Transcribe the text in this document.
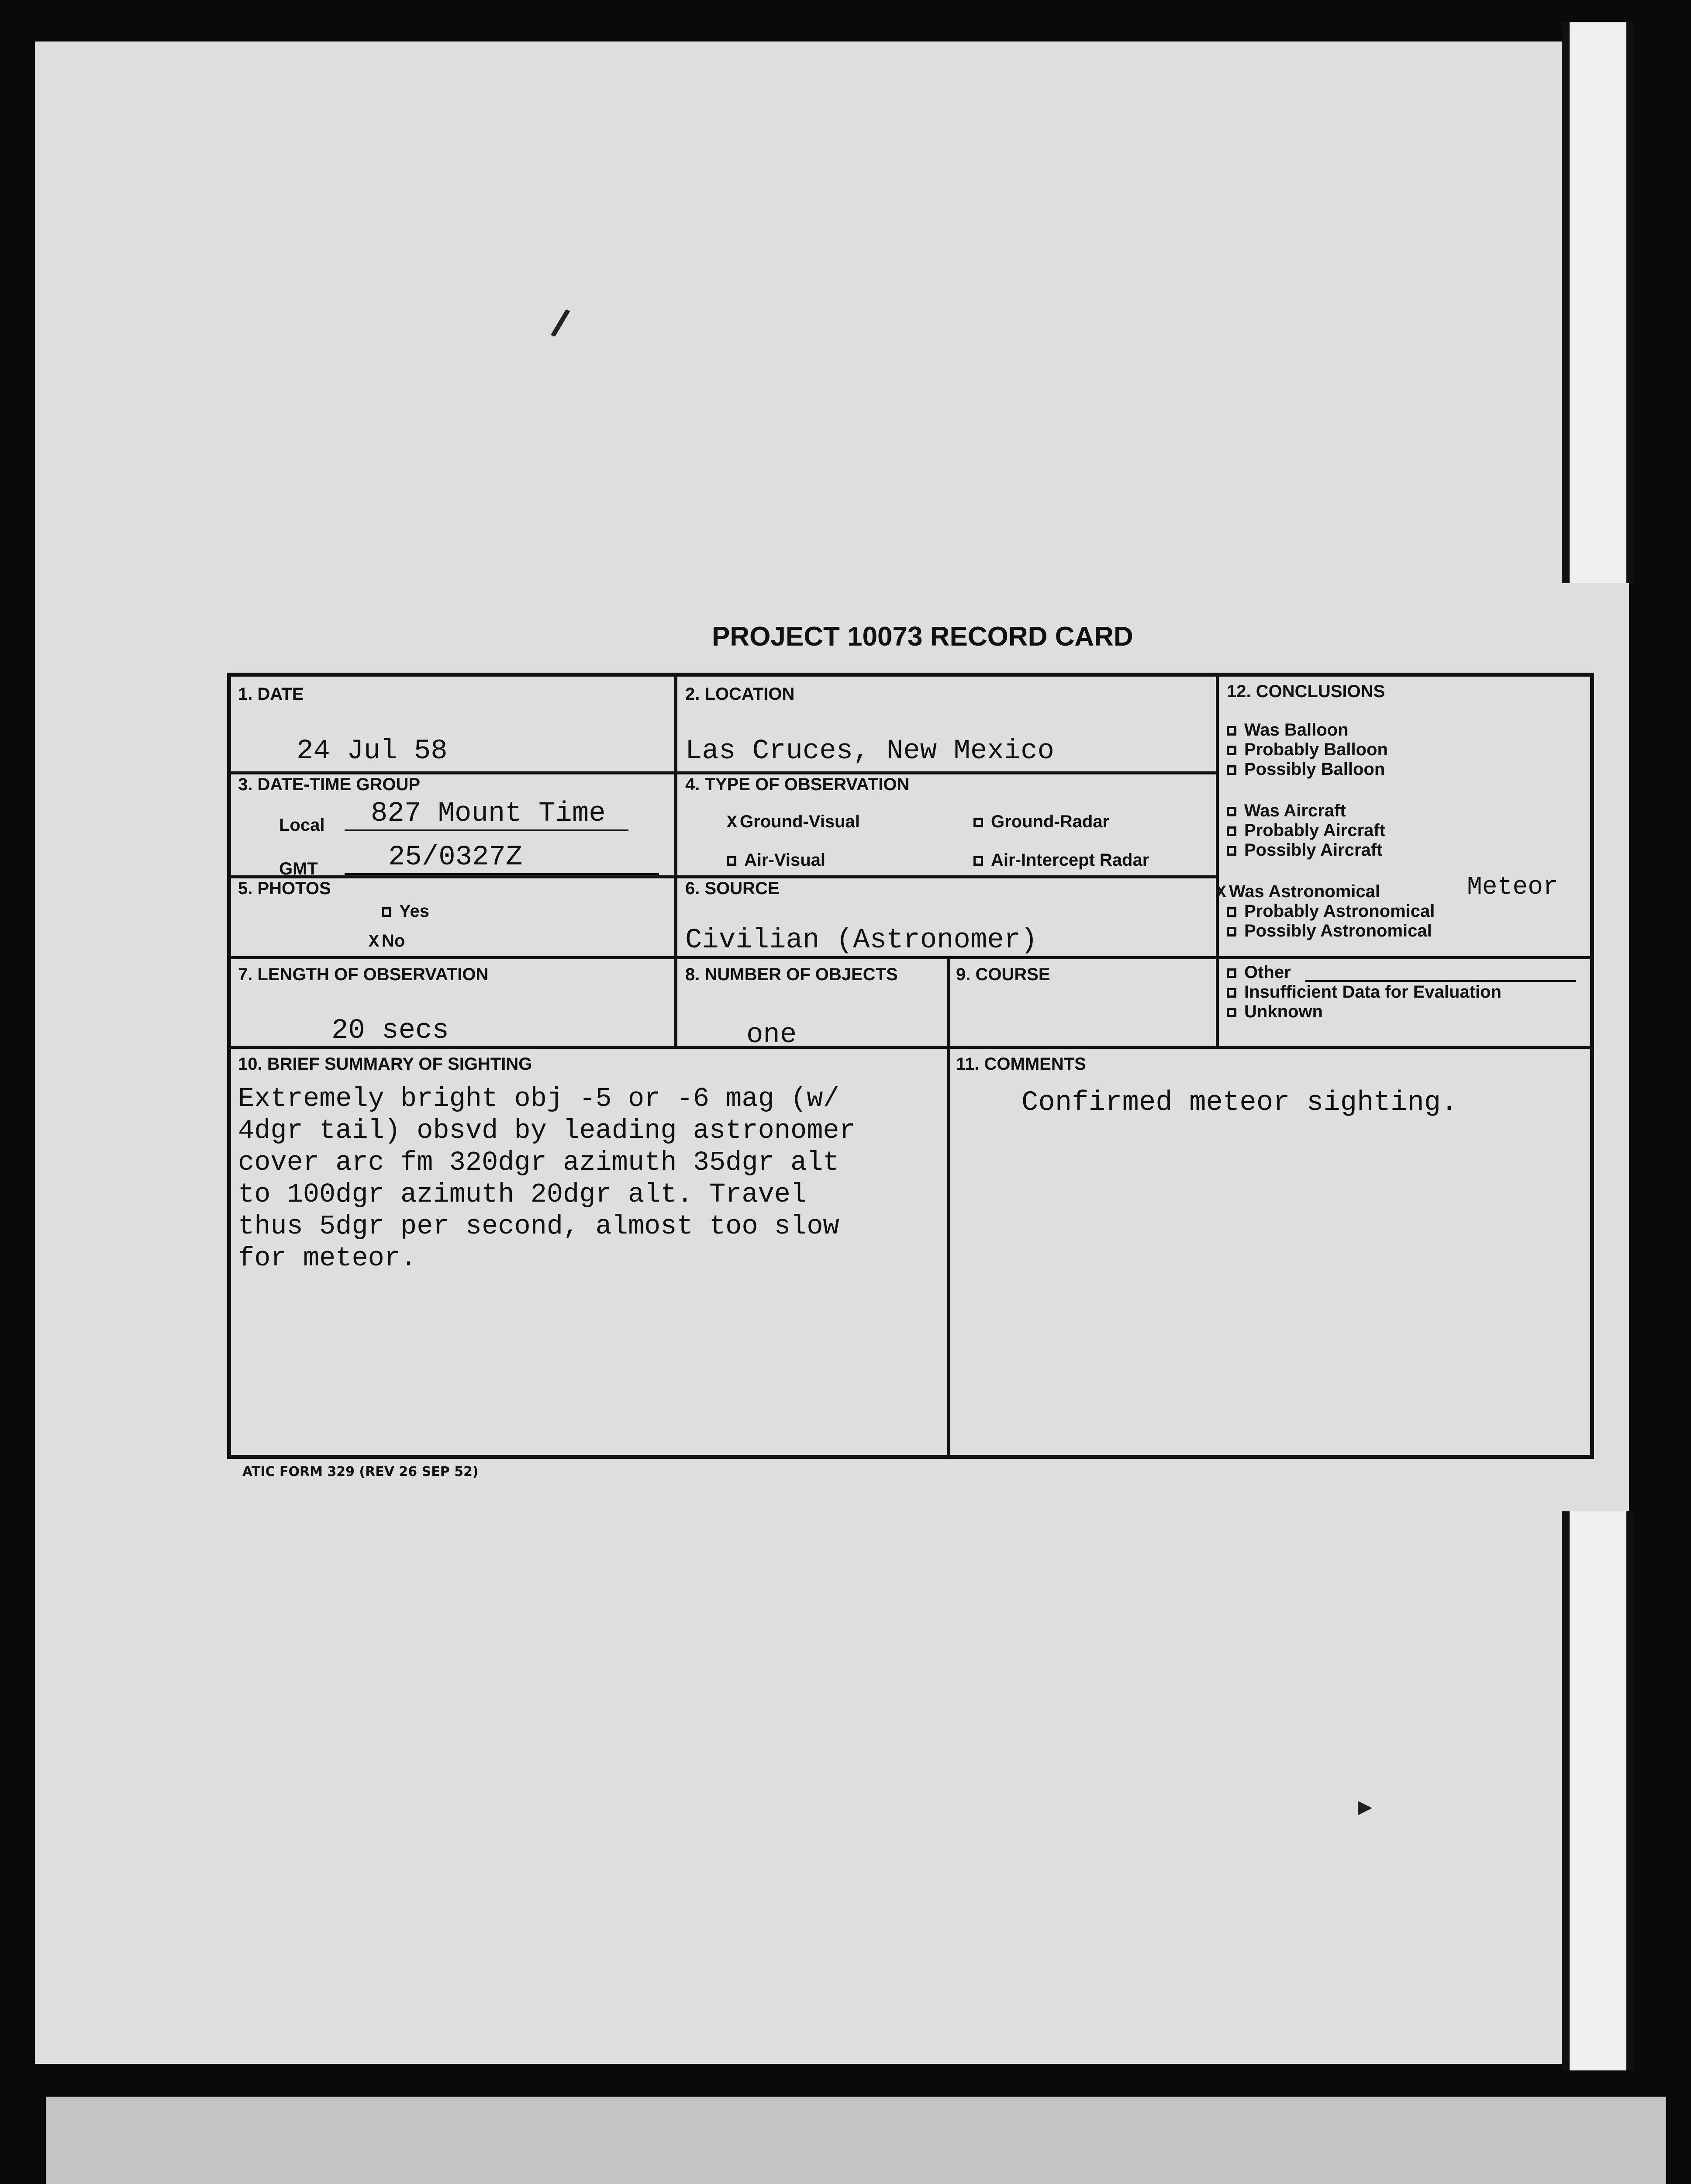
/
▸
PROJECT 10073 RECORD CARD
1. DATE
24 Jul 58
2. LOCATION
Las Cruces, New Mexico
3. DATE-TIME GROUP
Local 827 Mount Time
GMT	25/0327Z
4. TYPE OF OBSERVATION
X Ground-Visual	Ground-Radar
Air-Visual	Air-Intercept Radar
5. PHOTOS
Yes
X No
6. SOURCE
Civilian (Astronomer)
7. LENGTH OF OBSERVATION
20 secs
8. NUMBER OF OBJECTS
one
9. COURSE
10. BRIEF SUMMARY OF SIGHTING
Extremely bright obj -5 or -6 mag (w/
4dgr tail) obsvd by leading astronomer
cover arc fm 320dgr azimuth 35dgr alt
to 100dgr azimuth 20dgr alt. Travel
thus 5dgr per second, almost too slow
for meteor.
11. COMMENTS
Confirmed meteor sighting.
12. CONCLUSIONS
Was Balloon
Probably Balloon
Possibly Balloon
Was Aircraft
Probably Aircraft
Possibly Aircraft
X Was Astronomical	Meteor
Probably Astronomical
Possibly Astronomical
Other
Insufficient Data for Evaluation
Unknown
ATIC FORM 329 (REV 26 SEP 52)
